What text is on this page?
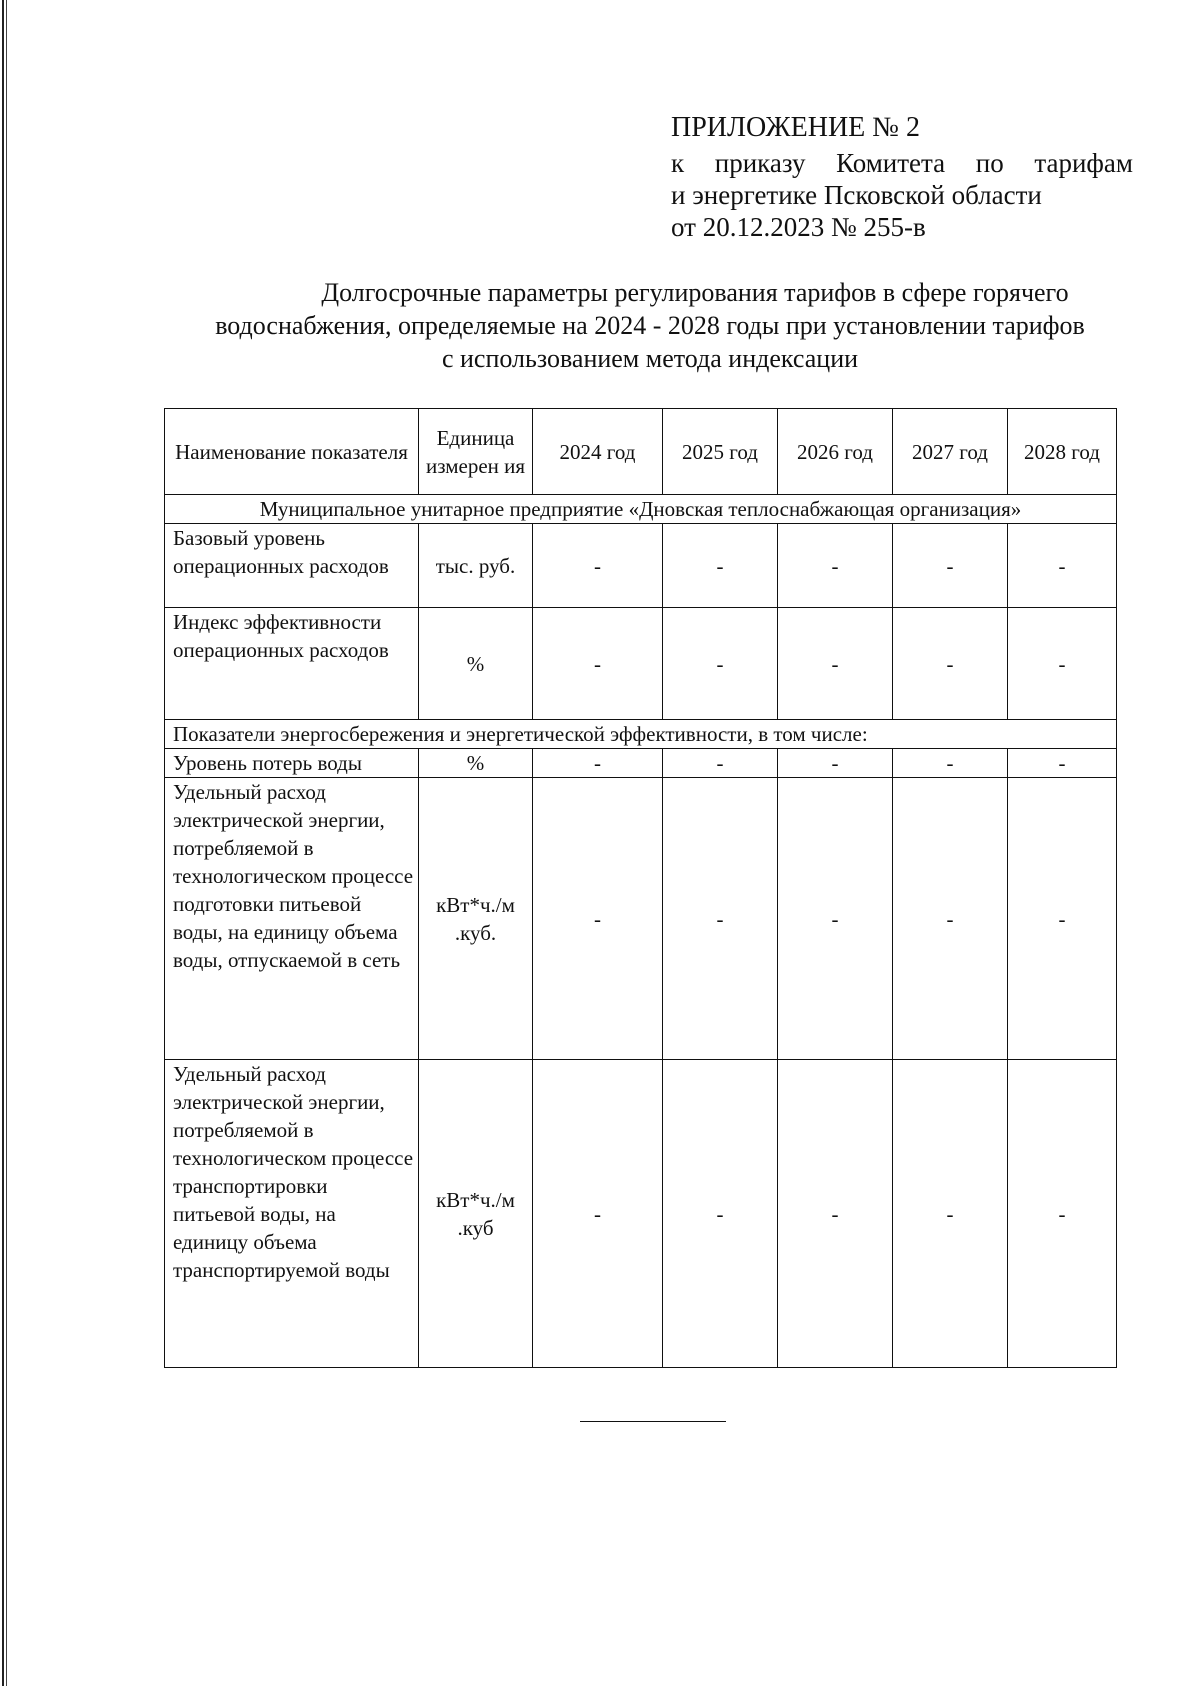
ПРИЛОЖЕНИЕ № 2
к приказу Комитета по тарифам
и энергетике Псковской области
от 20.12.2023 № 255-в
Долгосрочные параметры регулирования тарифов в сфере горячего
водоснабжения, определяемые на 2024 - 2028 годы при установлении тарифов
с использованием метода индексации
Наименование показателя	Единица измерен ия	2024 год	2025 год	2026 год	2027 год	2028 год
Муниципальное унитарное предприятие «Дновская теплоснабжающая организация»						
Базовый уровень операционных расходов	тыс. руб.	-	-	-	-	-
Индекс эффективности операционных расходов	%	-	-	-	-	-
Показатели энергосбережения и энергетической эффективности, в том числе:						
Уровень потерь воды	%	-	-	-	-	-
Удельный расход электрической энергии, потребляемой в технологическом процессе подготовки питьевой воды, на единицу объема воды, отпускаемой в сеть	кВт*ч./м .куб.	-	-	-	-	-
Удельный расход электрической энергии, потребляемой в технологическом процессе транспортировки питьевой воды, на единицу объема транспортируемой воды	кВт*ч./м .куб	-	-	-	-	-
